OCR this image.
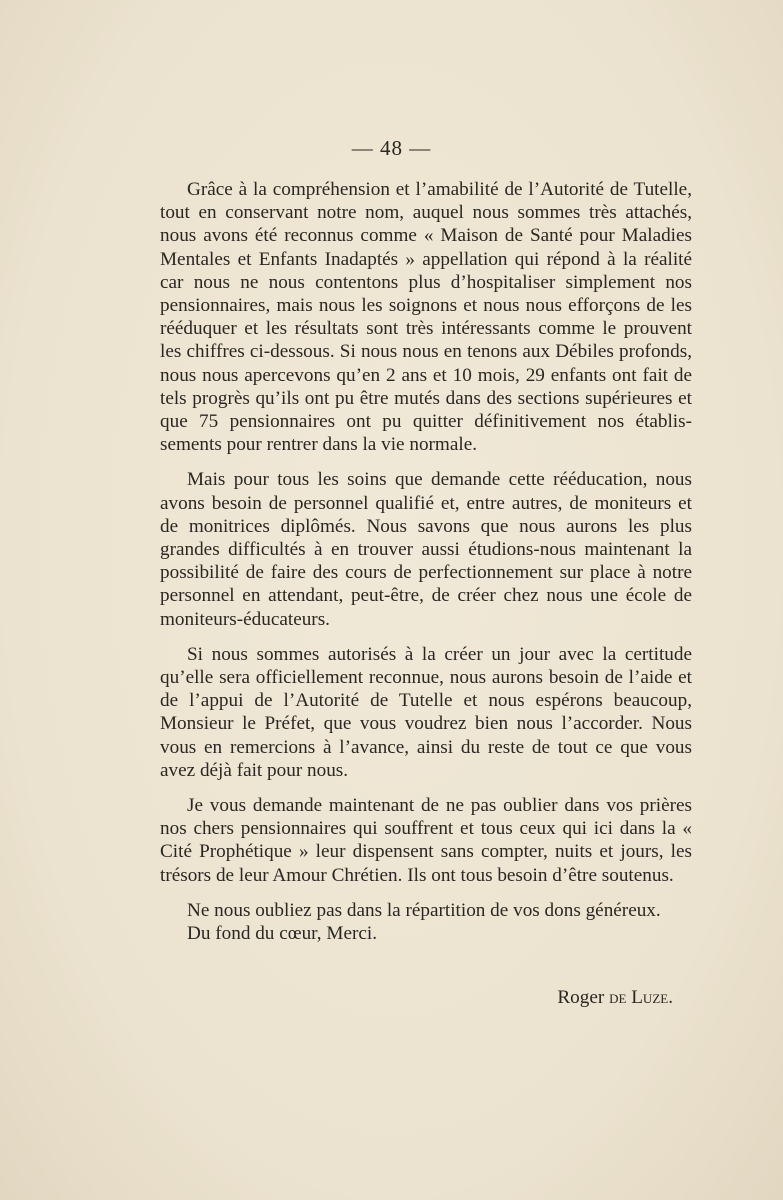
— 48 —

Grâce à la compréhension et l’amabilité de l’Autorité de Tutelle, tout en conservant notre nom, auquel nous sommes très attachés, nous avons été reconnus comme « Maison de Santé pour Maladies Mentales et Enfants Inadaptés » appellation qui répond à la réalité car nous ne nous contentons plus d’hospitaliser simplement nos pensionnaires, mais nous les soignons et nous nous efforçons de les rééduquer et les résultats sont très intéressants comme le prouvent les chiffres ci-dessous. Si nous nous en tenons aux Débiles profonds, nous nous apercevons qu’en 2 ans et 10 mois, 29 enfants ont fait de tels progrès qu’ils ont pu être mutés dans des sections supérieures et que 75 pensionnaires ont pu quitter définitivement nos établissements pour rentrer dans la vie normale.

Mais pour tous les soins que demande cette rééducation, nous avons besoin de personnel qualifié et, entre autres, de moniteurs et de monitrices diplômés. Nous savons que nous aurons les plus grandes difficultés à en trouver aussi étudions-nous maintenant la possibilité de faire des cours de perfectionnement sur place à notre personnel en attendant, peut-être, de créer chez nous une école de moniteurs-éducateurs.

Si nous sommes autorisés à la créer un jour avec la certitude qu’elle sera officiellement reconnue, nous aurons besoin de l’aide et de l’appui de l’Autorité de Tutelle et nous espérons beaucoup, Monsieur le Préfet, que vous voudrez bien nous l’accorder. Nous vous en remercions à l’avance, ainsi du reste de tout ce que vous avez déjà fait pour nous.

Je vous demande maintenant de ne pas oublier dans vos prières nos chers pensionnaires qui souffrent et tous ceux qui ici dans la « Cité Prophétique » leur dispensent sans compter, nuits et jours, les trésors de leur Amour Chrétien. Ils ont tous besoin d’être soutenus.

Ne nous oubliez pas dans la répartition de vos dons généreux.

Du fond du cœur, Merci.

Roger de Luze.
